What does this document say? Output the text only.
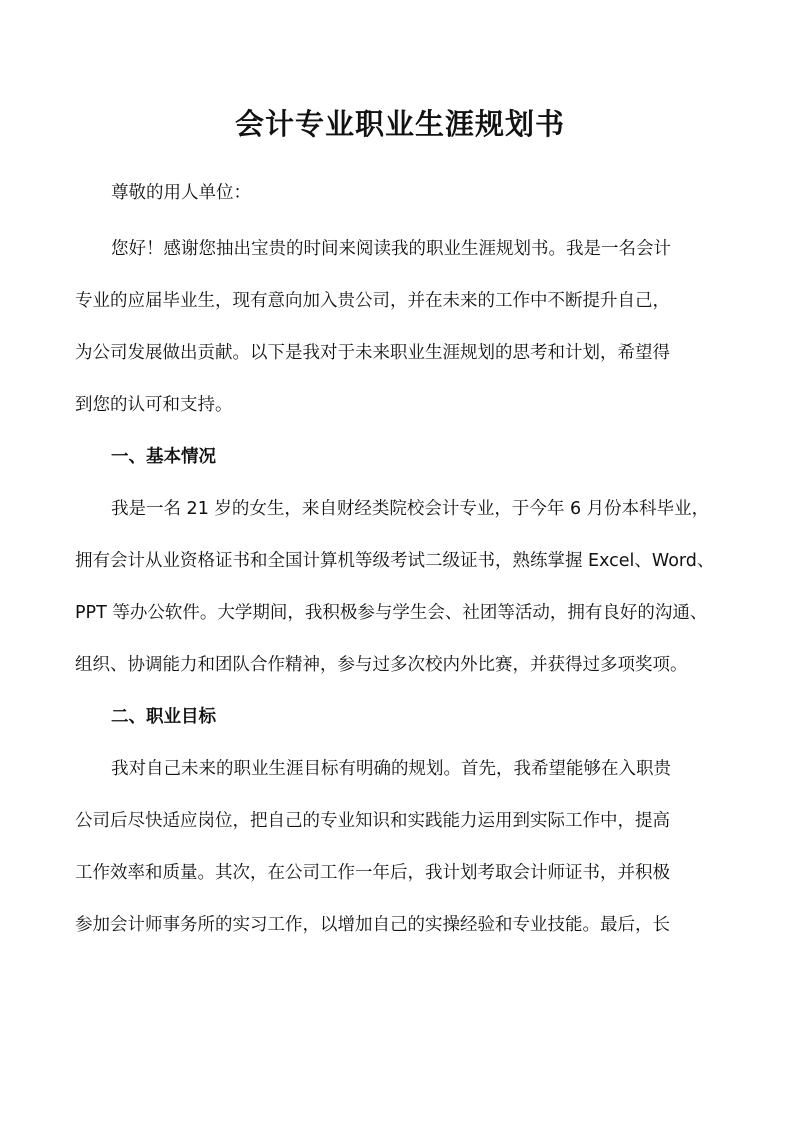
会计专业职业生涯规划书
尊敬的用人单位：
您好！感谢您抽出宝贵的时间来阅读我的职业生涯规划书。我是一名会计
专业的应届毕业生，现有意向加入贵公司，并在未来的工作中不断提升自己，
为公司发展做出贡献。以下是我对于未来职业生涯规划的思考和计划，希望得
到您的认可和支持。
一、基本情况
我是一名 21 岁的女生，来自财经类院校会计专业，于今年 6 月份本科毕业，
拥有会计从业资格证书和全国计算机等级考试二级证书，熟练掌握 Excel、Word、
PPT 等办公软件。大学期间，我积极参与学生会、社团等活动，拥有良好的沟通、
组织、协调能力和团队合作精神，参与过多次校内外比赛，并获得过多项奖项。
二、职业目标
我对自己未来的职业生涯目标有明确的规划。首先，我希望能够在入职贵
公司后尽快适应岗位，把自己的专业知识和实践能力运用到实际工作中，提高
工作效率和质量。其次，在公司工作一年后，我计划考取会计师证书，并积极
参加会计师事务所的实习工作，以增加自己的实操经验和专业技能。最后，长
